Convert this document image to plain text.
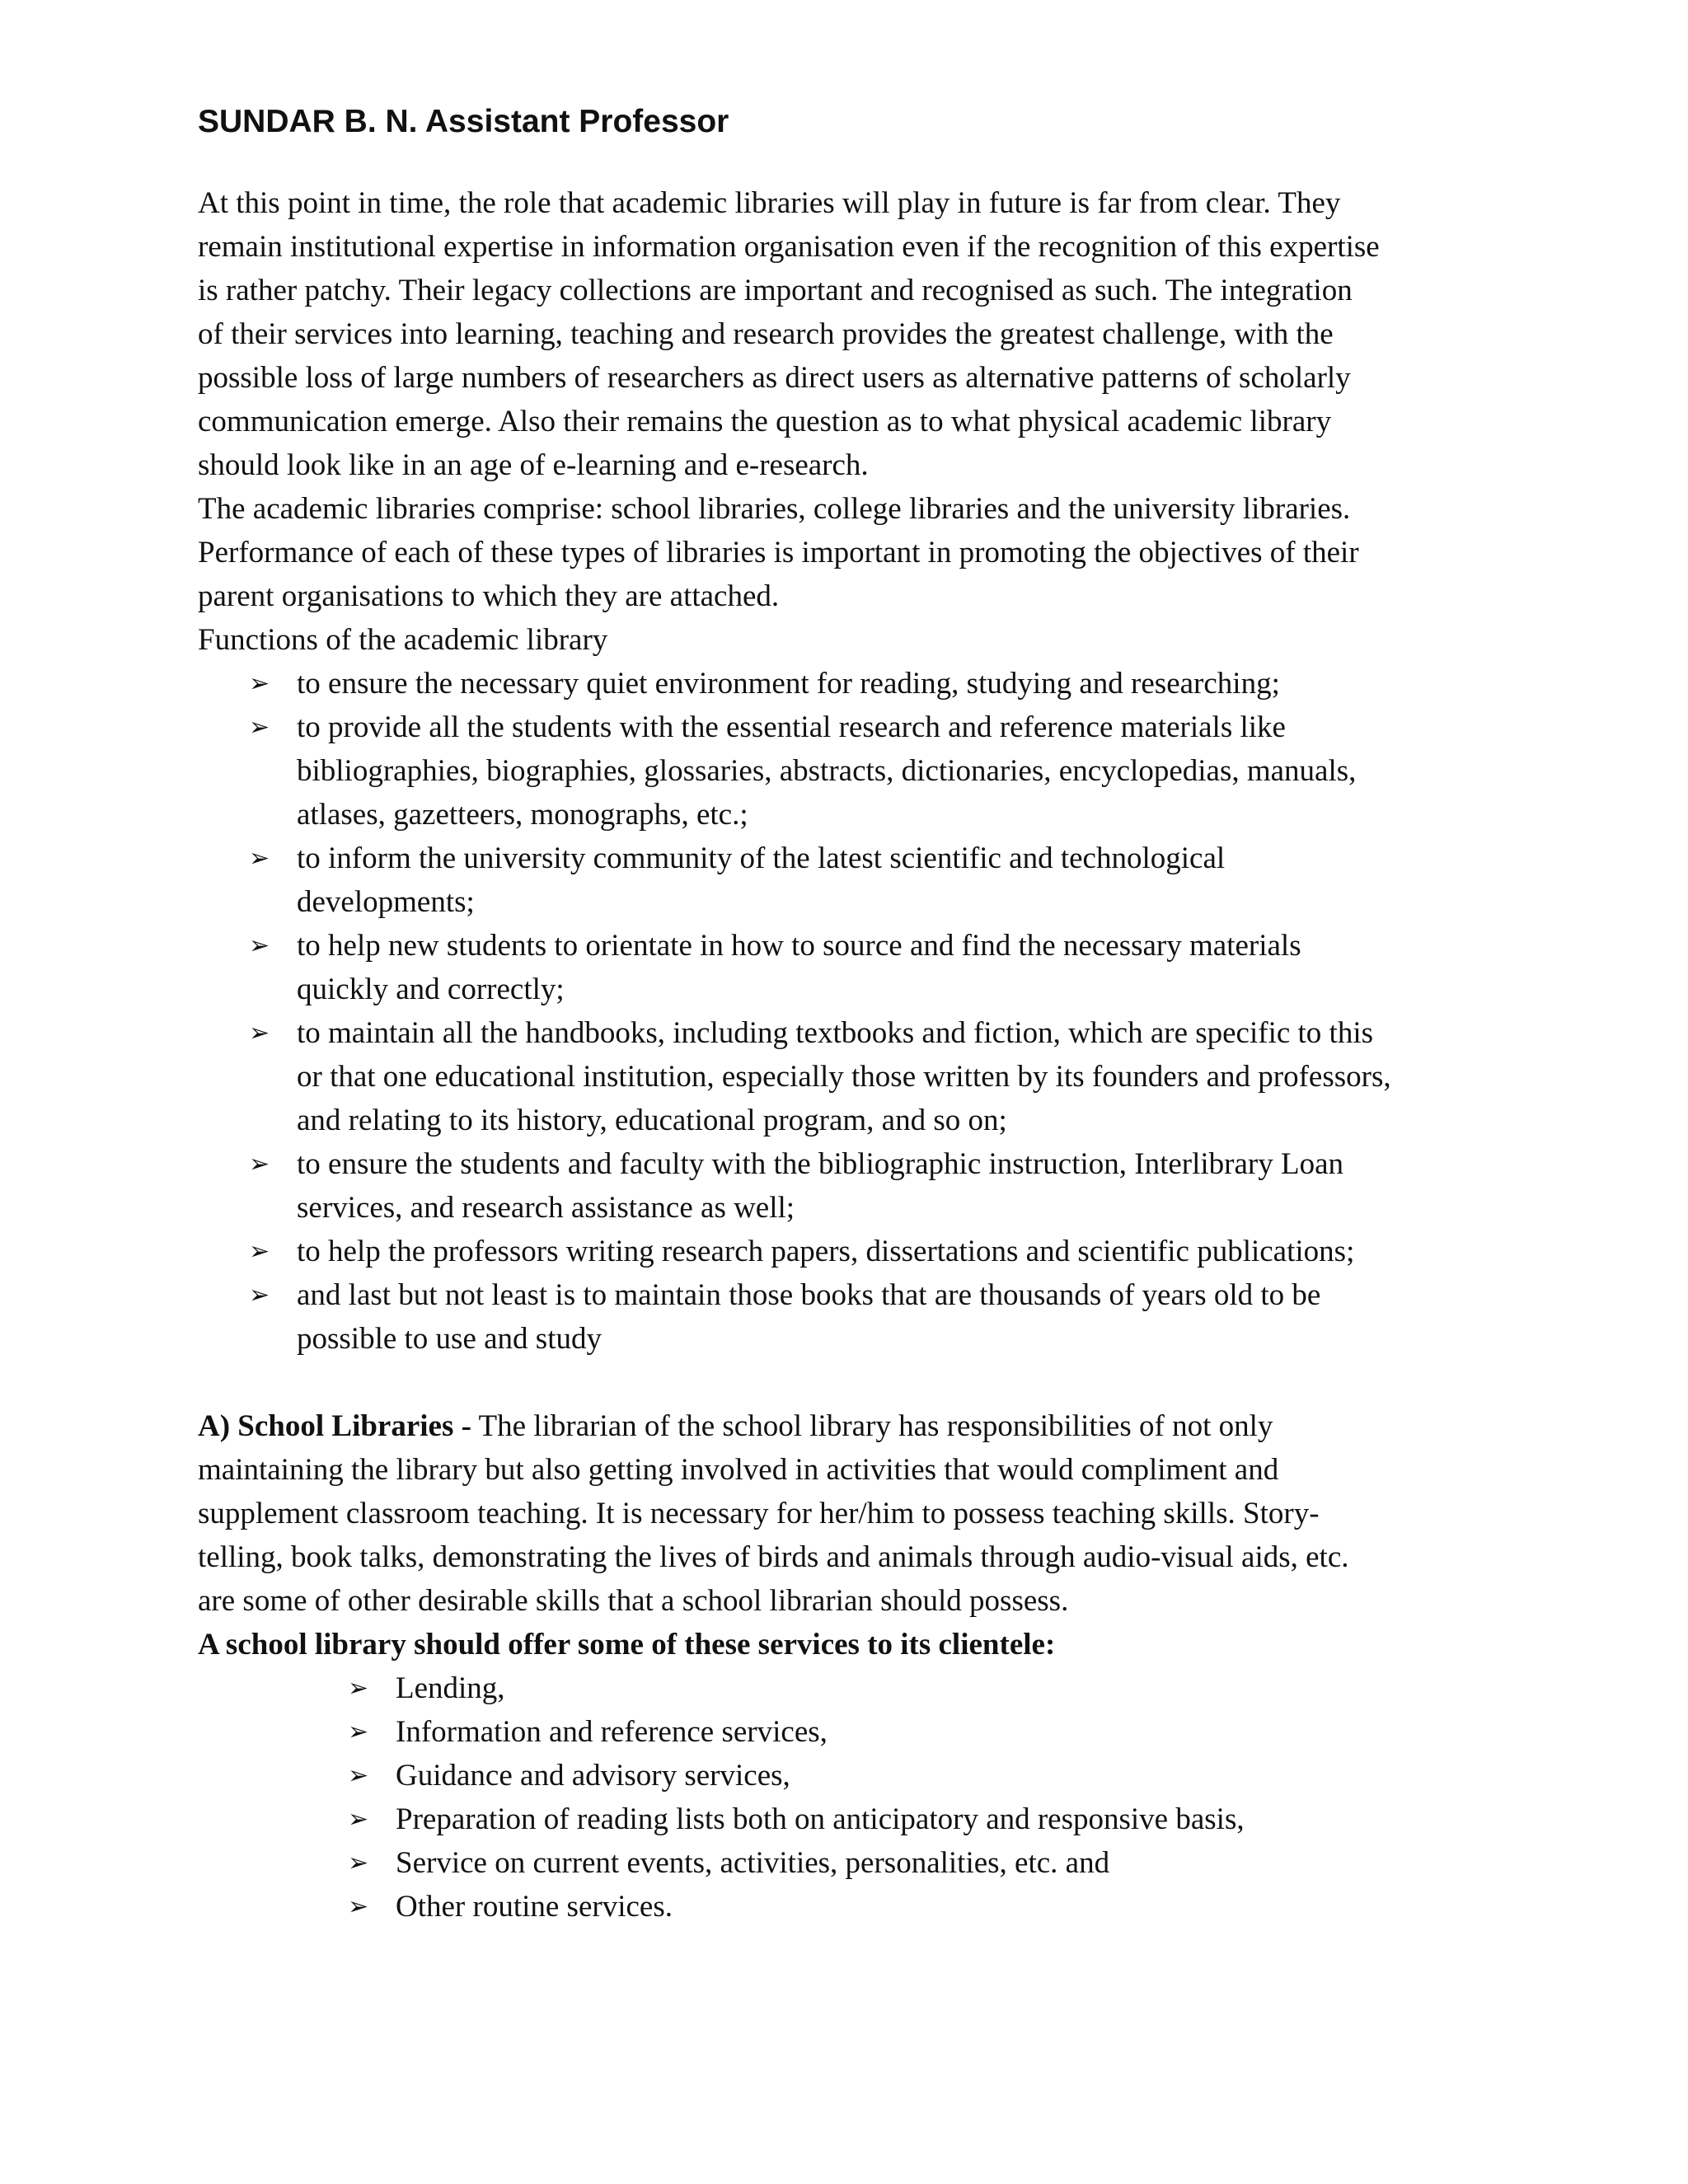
SUNDAR B. N. Assistant Professor

At this point in time, the role that academic libraries will play in future is far from clear. They
remain institutional expertise in information organisation even if the recognition of this expertise
is rather patchy. Their legacy collections are important and recognised as such. The integration
of their services into learning, teaching and research provides the greatest challenge, with the
possible loss of large numbers of researchers as direct users as alternative patterns of scholarly
communication emerge. Also their remains the question as to what physical academic library
should look like in an age of e-learning and e-research.

The academic libraries comprise: school libraries, college libraries and the university libraries.
Performance of each of these types of libraries is important in promoting the objectives of their
parent organisations to which they are attached.

Functions of the academic library

➢ to ensure the necessary quiet environment for reading, studying and researching;
➢ to provide all the students with the essential research and reference materials like
bibliographies, biographies, glossaries, abstracts, dictionaries, encyclopedias, manuals,
atlases, gazetteers, monographs, etc.;
➢ to inform the university community of the latest scientific and technological
developments;
➢ to help new students to orientate in how to source and find the necessary materials
quickly and correctly;
➢ to maintain all the handbooks, including textbooks and fiction, which are specific to this
or that one educational institution, especially those written by its founders and professors,
and relating to its history, educational program, and so on;
➢ to ensure the students and faculty with the bibliographic instruction, Interlibrary Loan
services, and research assistance as well;
➢ to help the professors writing research papers, dissertations and scientific publications;
➢ and last but not least is to maintain those books that are thousands of years old to be
possible to use and study

A) School Libraries - The librarian of the school library has responsibilities of not only
maintaining the library but also getting involved in activities that would compliment and
supplement classroom teaching. It is necessary for her/him to possess teaching skills. Story-
telling, book talks, demonstrating the lives of birds and animals through audio-visual aids, etc.
are some of other desirable skills that a school librarian should possess.

A school library should offer some of these services to its clientele:

➢ Lending,
➢ Information and reference services,
➢ Guidance and advisory services,
➢ Preparation of reading lists both on anticipatory and responsive basis,
➢ Service on current events, activities, personalities, etc. and
➢ Other routine services.
